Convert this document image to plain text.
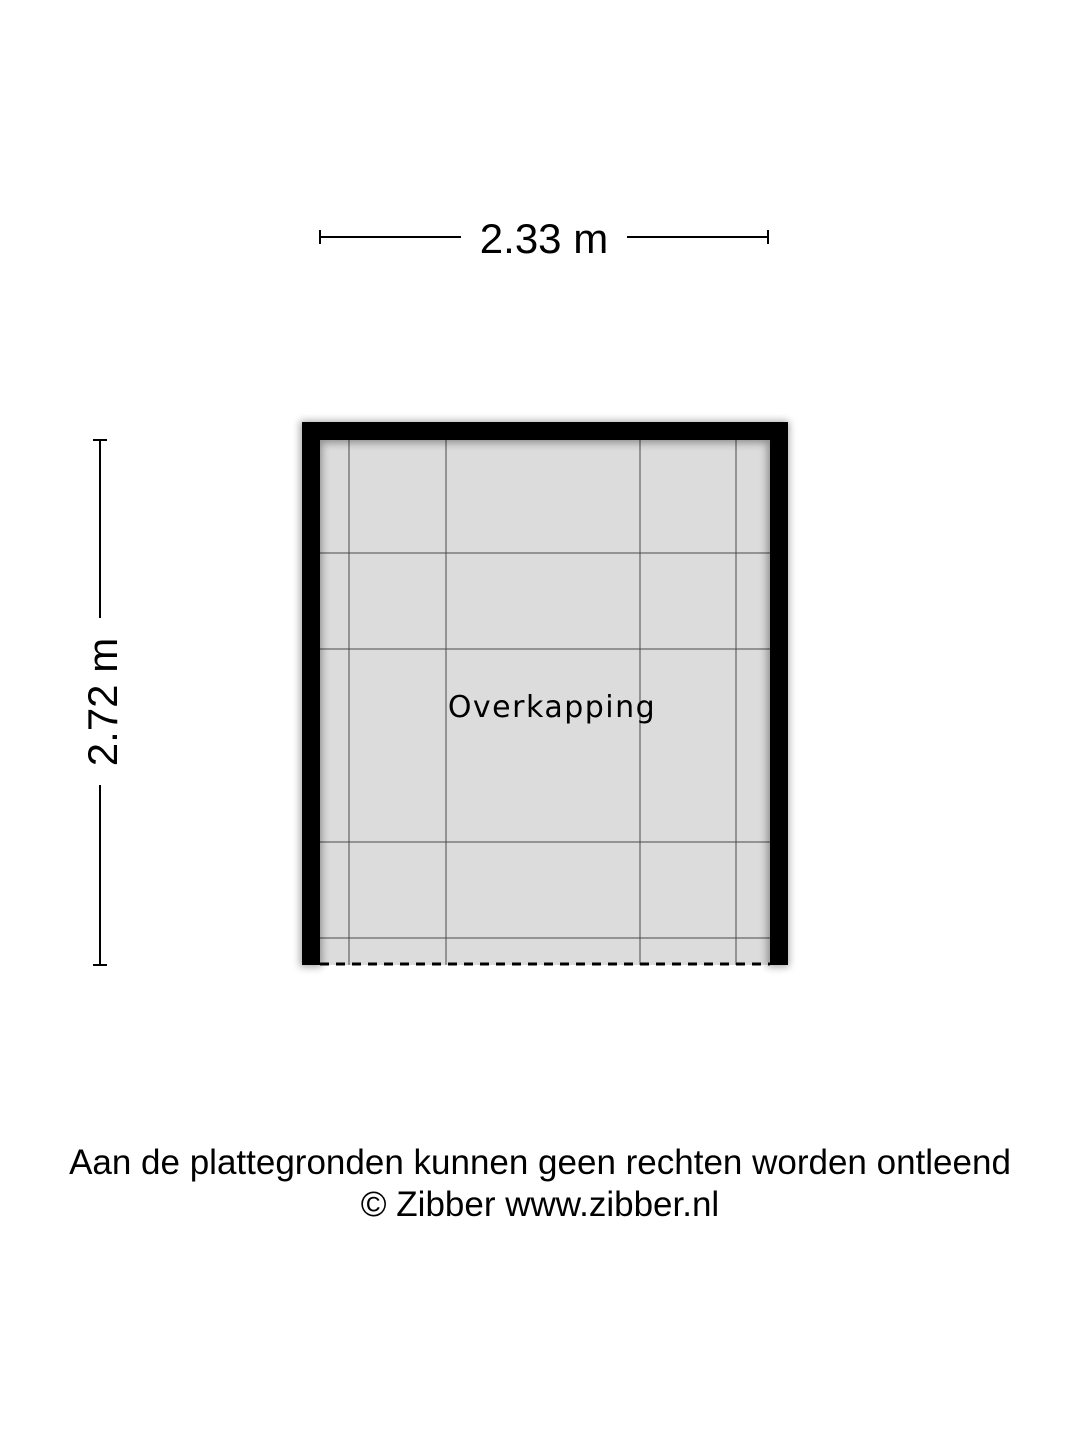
2.33 m
2.72 m	Overkapping
Aan de plattegronden kunnen geen rechten worden ontleend
© Zibber www.zibber.nl
